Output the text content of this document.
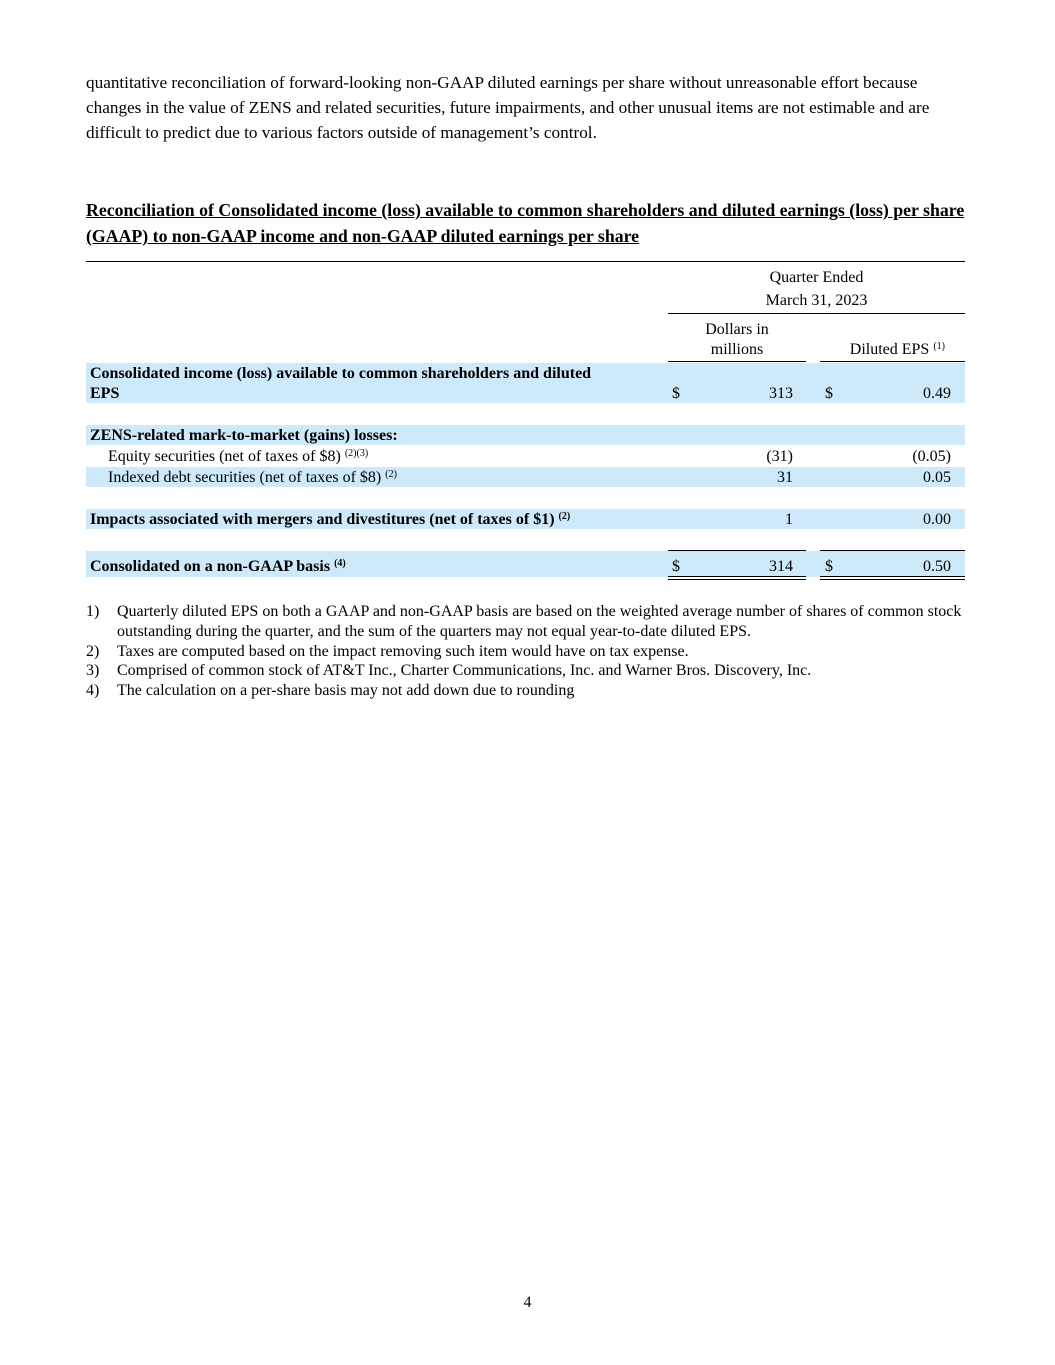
quantitative reconciliation of forward-looking non-GAAP diluted earnings per share without unreasonable effort because changes in the value of ZENS and related securities, future impairments, and other unusual items are not estimable and are difficult to predict due to various factors outside of management’s control.

Reconciliation of Consolidated income (loss) available to common shareholders and diluted earnings (loss) per share (GAAP) to non-GAAP income and non-GAAP diluted earnings per share

Quarter Ended
March 31, 2023
Dollars in
millions	Diluted EPS $^{(1)}$
Consolidated income (loss) available to common shareholders and diluted
EPS	$	313 $	0.49
ZENS-related mark-to-market (gains) losses:
Equity securities (net of taxes of $8) $^{(2)(3)}$	(31)	(0.05)
Indexed debt securities (net of taxes of $8) $^{(2)}$	31	0.05
Impacts associated with mergers and divestitures (net of taxes of $1) $^{(2)}$	1	0.00
Consolidated on a non-GAAP basis $^{(4)}$	$	314 $	0.50
1)	Quarterly diluted EPS on both a GAAP and non-GAAP basis are based on the weighted average number of shares of common stock outstanding during the quarter, and the sum of the quarters may not equal year-to-date diluted EPS.
2)	Taxes are computed based on the impact removing such item would have on tax expense.
3)	Comprised of common stock of AT&T Inc., Charter Communications, Inc. and Warner Bros. Discovery, Inc.
4)	The calculation on a per-share basis may not add down due to rounding
4
